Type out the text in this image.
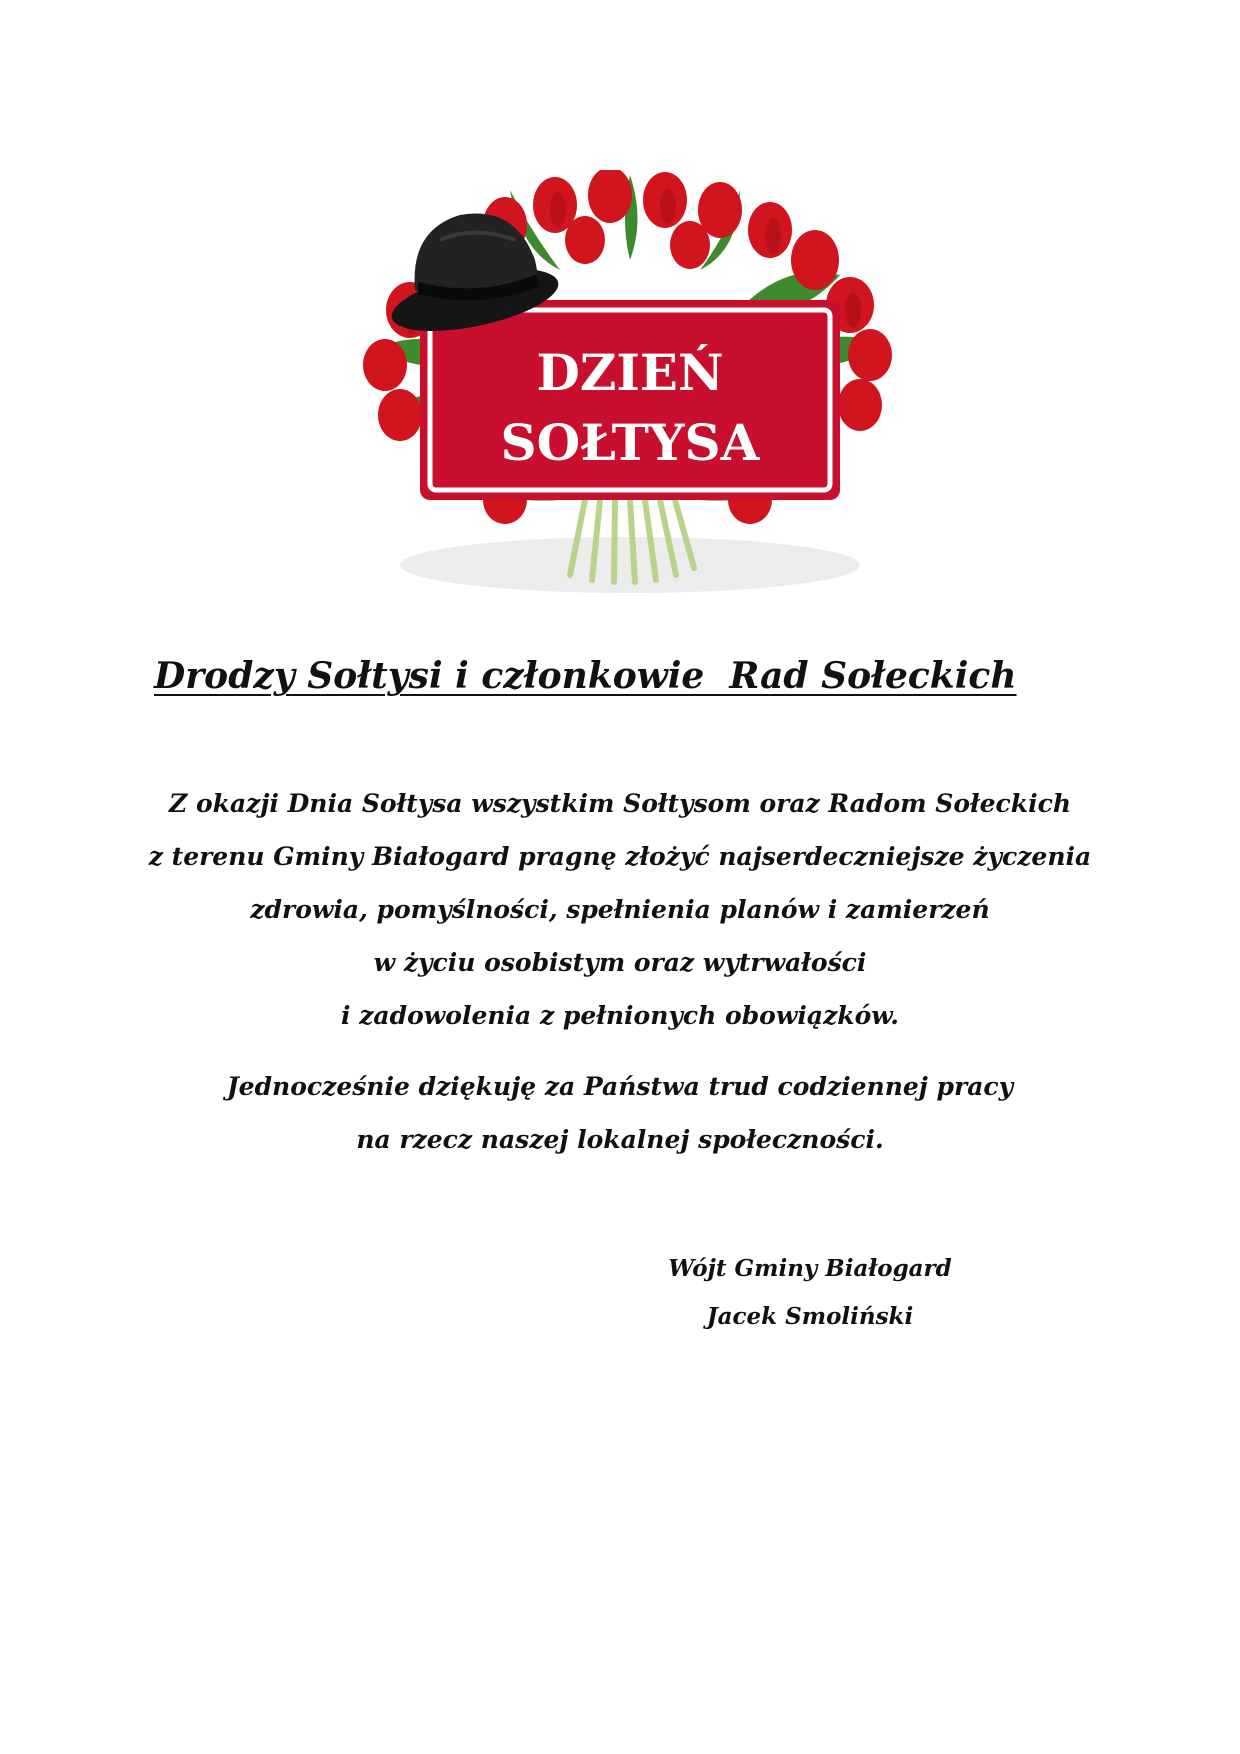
DZIEŃ
SOŁTYSA

Drodzy Sołtysi i członkowie  Rad Sołeckich

Z okazji Dnia Sołtysa wszystkim Sołtysom oraz Radom Sołeckich
z terenu Gminy Białogard pragnę złożyć najserdeczniejsze życzenia
zdrowia, pomyślności, spełnienia planów i zamierzeń
w życiu osobistym oraz wytrwałości
i zadowolenia z pełnionych obowiązków.

Jednocześnie dziękuję za Państwa trud codziennej pracy
na rzecz naszej lokalnej społeczności.

Wójt Gminy Białogard
Jacek Smoliński
